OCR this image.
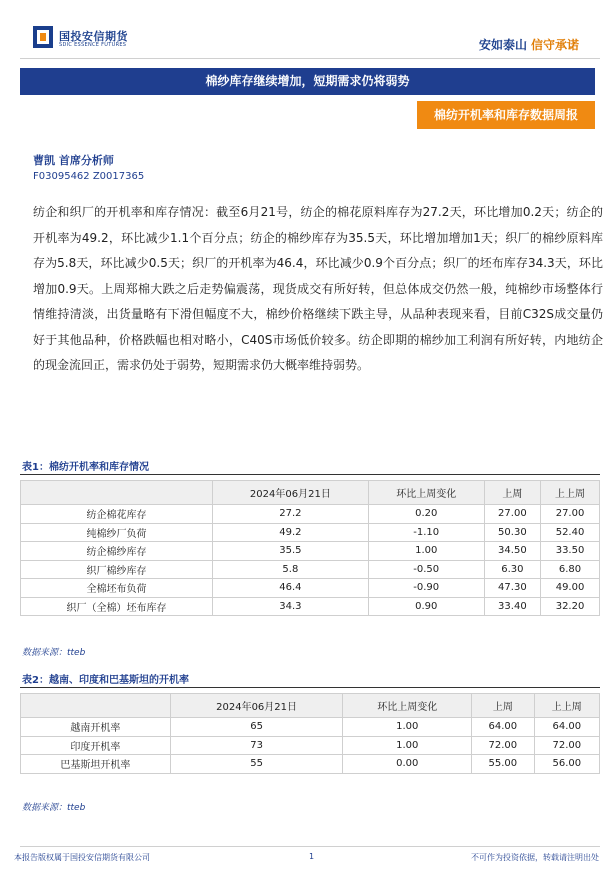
国投安信期货
SDIC ESSENCE FUTURES	安如泰山 信守承诺
棉纱库存继续增加，短期需求仍将弱势
棉纺开机率和库存数据周报
曹凯 首席分析师
F03095462 Z0017365
纺企和织厂的开机率和库存情况：截至6月21号，纺企的棉花原料库存为27.2天，环比增加0.2天；纺企的开机率为49.2，环比减少1.1个百分点；纺企的棉纱库存为35.5天，环比增加增加1天；织厂的棉纱原料库存为5.8天，环比减少0.5天；织厂的开机率为46.4，环比减少0.9个百分点；织厂的坯布库存34.3天，环比增加0.9天。上周郑棉大跌之后走势偏震荡，现货成交有所好转，但总体成交仍然一般，纯棉纱市场整体行情维持清淡，出货量略有下滑但幅度不大，棉纱价格继续下跌主导，从品种表现来看，目前C32S成交量仍好于其他品种，价格跌幅也相对略小，C40S市场低价较多。纺企即期的棉纱加工利润有所好转，内地纺企的现金流回正，需求仍处于弱势，短期需求仍大概率维持弱势。
表1：棉纺开机率和库存情况
	2024年06月21日	环比上周变化	上周	上上周
纺企棉花库存	27.2	0.20	27.00	27.00
纯棉纱厂负荷	49.2	-1.10	50.30	52.40
纺企棉纱库存	35.5	1.00	34.50	33.50
织厂棉纱库存	5.8	-0.50	6.30	6.80
全棉坯布负荷	46.4	-0.90	47.30	49.00
织厂（全棉）坯布库存	34.3	0.90	33.40	32.20
数据来源：tteb
表2：越南、印度和巴基斯坦的开机率
	2024年06月21日	环比上周变化	上周	上上周
越南开机率	65	1.00	64.00	64.00
印度开机率	73	1.00	72.00	72.00
巴基斯坦开机率	55	0.00	55.00	56.00
数据来源：tteb
本报告版权属于国投安信期货有限公司	1	不可作为投资依据，转载请注明出处
